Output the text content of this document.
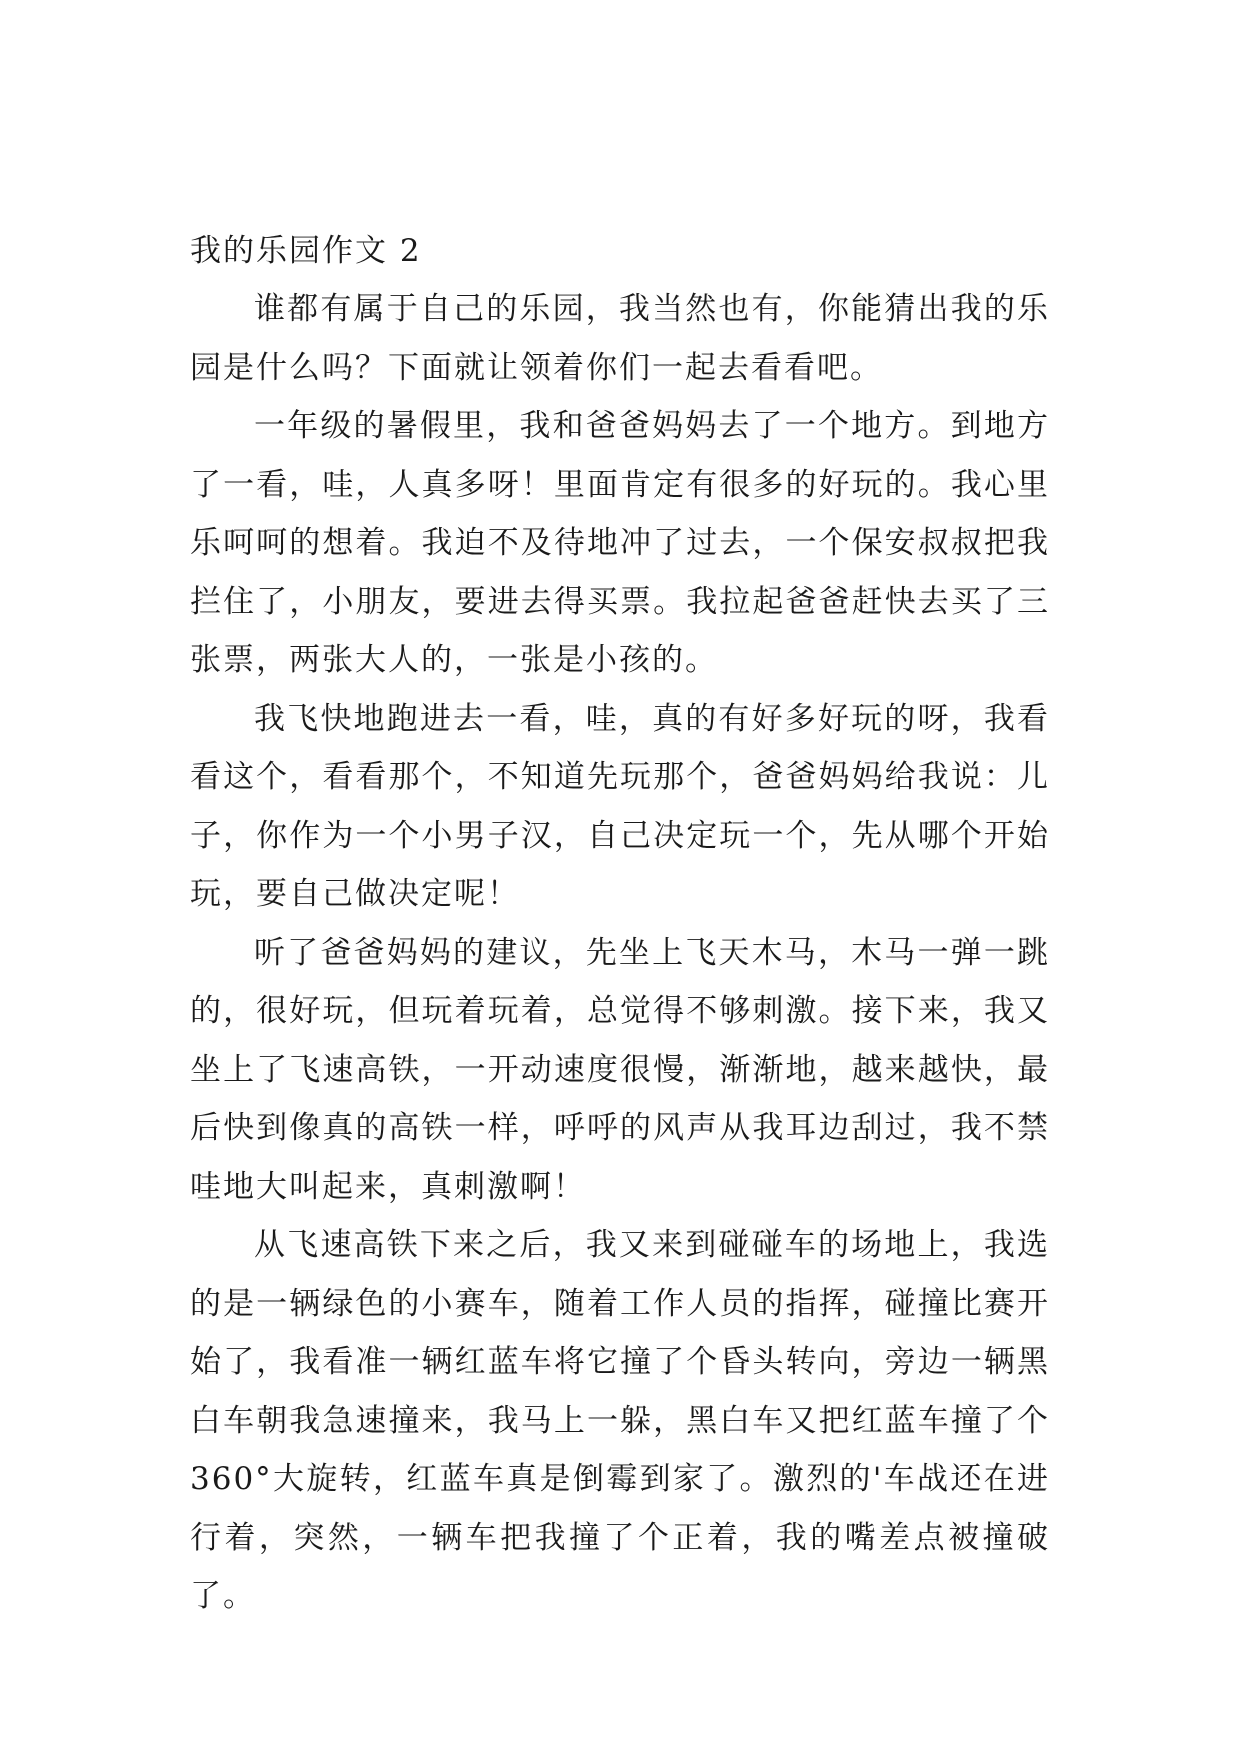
我的乐园作文 2

谁都有属于自己的乐园，我当然也有，你能猜出我的乐园是什么吗？下面就让领着你们一起去看看吧。

一年级的暑假里，我和爸爸妈妈去了一个地方。到地方了一看，哇，人真多呀！里面肯定有很多的好玩的。我心里乐呵呵的想着。我迫不及待地冲了过去，一个保安叔叔把我拦住了，小朋友，要进去得买票。我拉起爸爸赶快去买了三张票，两张大人的，一张是小孩的。

我飞快地跑进去一看，哇，真的有好多好玩的呀，我看看这个，看看那个，不知道先玩那个，爸爸妈妈给我说：儿子，你作为一个小男子汉，自己决定玩一个，先从哪个开始玩，要自己做决定呢！

听了爸爸妈妈的建议，先坐上飞天木马，木马一弹一跳的，很好玩，但玩着玩着，总觉得不够刺激。接下来，我又坐上了飞速高铁，一开动速度很慢，渐渐地，越来越快，最后快到像真的高铁一样，呼呼的风声从我耳边刮过，我不禁哇地大叫起来，真刺激啊！

从飞速高铁下来之后，我又来到碰碰车的场地上，我选的是一辆绿色的小赛车，随着工作人员的指挥，碰撞比赛开始了，我看准一辆红蓝车将它撞了个昏头转向，旁边一辆黑白车朝我急速撞来，我马上一躲，黑白车又把红蓝车撞了个360°大旋转，红蓝车真是倒霉到家了。激烈的'车战还在进行着，突然，一辆车把我撞了个正着，我的嘴差点被撞破了。
